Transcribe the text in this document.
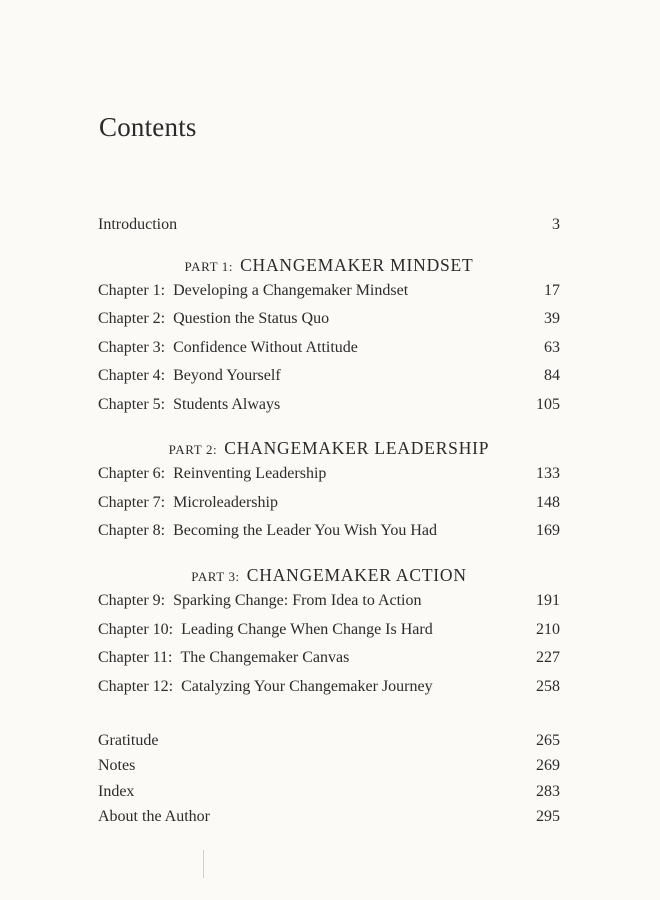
Contents
Introduction	3
PART 1: CHANGEMAKER MINDSET
Chapter 1: Developing a Changemaker Mindset	17
Chapter 2: Question the Status Quo	39
Chapter 3: Confidence Without Attitude	63
Chapter 4: Beyond Yourself	84
Chapter 5: Students Always	105
PART 2: CHANGEMAKER LEADERSHIP
Chapter 6: Reinventing Leadership	133
Chapter 7: Microleadership	148
Chapter 8: Becoming the Leader You Wish You Had	169
PART 3: CHANGEMAKER ACTION
Chapter 9: Sparking Change: From Idea to Action	191
Chapter 10: Leading Change When Change Is Hard	210
Chapter 11: The Changemaker Canvas	227
Chapter 12: Catalyzing Your Changemaker Journey	258
Gratitude	265
Notes	269
Index	283
About the Author	295
